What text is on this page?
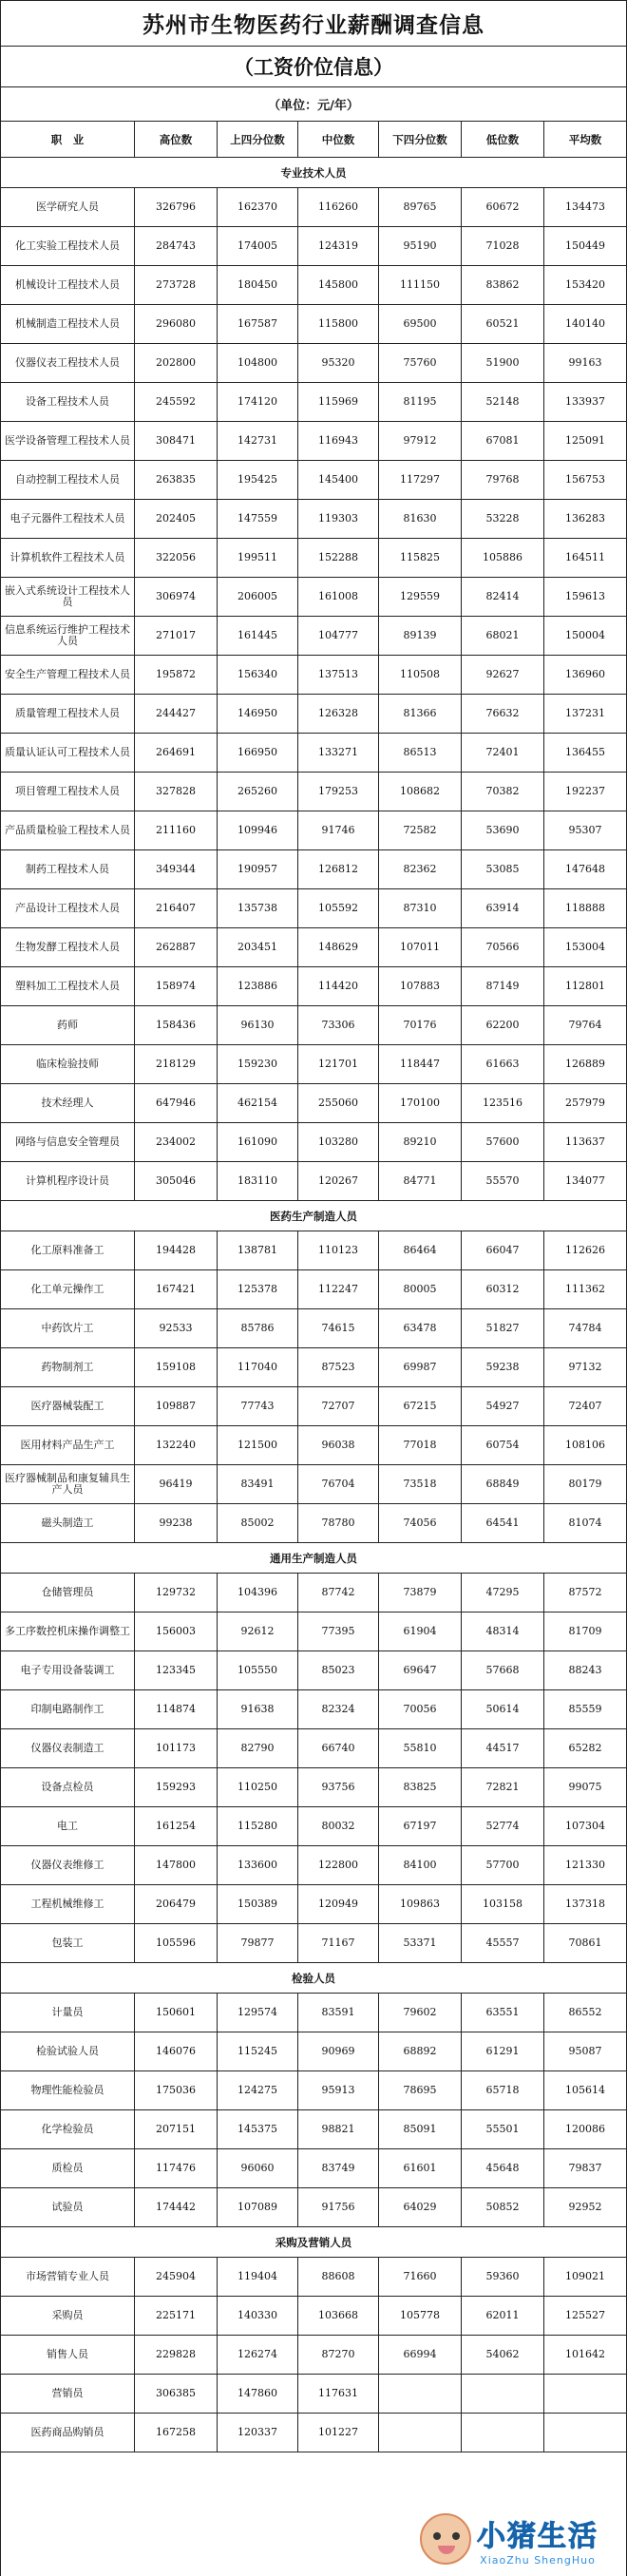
苏州市生物医药行业薪酬调查信息
（工资价位信息）
（单位：元/年）
职　业	高位数	上四分位数	中位数	下四分位数	低位数	平均数
专业技术人员
医学研究人员	326796	162370	116260	89765	60672	134473
化工实验工程技术人员	284743	174005	124319	95190	71028	150449
机械设计工程技术人员	273728	180450	145800	111150	83862	153420
机械制造工程技术人员	296080	167587	115800	69500	60521	140140
仪器仪表工程技术人员	202800	104800	95320	75760	51900	99163
设备工程技术人员	245592	174120	115969	81195	52148	133937
医学设备管理工程技术人员	308471	142731	116943	97912	67081	125091
自动控制工程技术人员	263835	195425	145400	117297	79768	156753
电子元器件工程技术人员	202405	147559	119303	81630	53228	136283
计算机软件工程技术人员	322056	199511	152288	115825	105886	164511
嵌入式系统设计工程技术人员	306974	206005	161008	129559	82414	159613
信息系统运行维护工程技术人员	271017	161445	104777	89139	68021	150004
安全生产管理工程技术人员	195872	156340	137513	110508	92627	136960
质量管理工程技术人员	244427	146950	126328	81366	76632	137231
质量认证认可工程技术人员	264691	166950	133271	86513	72401	136455
项目管理工程技术人员	327828	265260	179253	108682	70382	192237
产品质量检验工程技术人员	211160	109946	91746	72582	53690	95307
制药工程技术人员	349344	190957	126812	82362	53085	147648
产品设计工程技术人员	216407	135738	105592	87310	63914	118888
生物发酵工程技术人员	262887	203451	148629	107011	70566	153004
塑料加工工程技术人员	158974	123886	114420	107883	87149	112801
药师	158436	96130	73306	70176	62200	79764
临床检验技师	218129	159230	121701	118447	61663	126889
技术经理人	647946	462154	255060	170100	123516	257979
网络与信息安全管理员	234002	161090	103280	89210	57600	113637
计算机程序设计员	305046	183110	120267	84771	55570	134077
医药生产制造人员
化工原料准备工	194428	138781	110123	86464	66047	112626
化工单元操作工	167421	125378	112247	80005	60312	111362
中药饮片工	92533	85786	74615	63478	51827	74784
药物制剂工	159108	117040	87523	69987	59238	97132
医疗器械装配工	109887	77743	72707	67215	54927	72407
医用材料产品生产工	132240	121500	96038	77018	60754	108106
医疗器械制品和康复辅具生产人员	96419	83491	76704	73518	68849	80179
磁头制造工	99238	85002	78780	74056	64541	81074
通用生产制造人员
仓储管理员	129732	104396	87742	73879	47295	87572
多工序数控机床操作调整工	156003	92612	77395	61904	48314	81709
电子专用设备装调工	123345	105550	85023	69647	57668	88243
印制电路制作工	114874	91638	82324	70056	50614	85559
仪器仪表制造工	101173	82790	66740	55810	44517	65282
设备点检员	159293	110250	93756	83825	72821	99075
电工	161254	115280	80032	67197	52774	107304
仪器仪表维修工	147800	133600	122800	84100	57700	121330
工程机械维修工	206479	150389	120949	109863	103158	137318
包装工	105596	79877	71167	53371	45557	70861
检验人员
计量员	150601	129574	83591	79602	63551	86552
检验试验人员	146076	115245	90969	68892	61291	95087
物理性能检验员	175036	124275	95913	78695	65718	105614
化学检验员	207151	145375	98821	85091	55501	120086
质检员	117476	96060	83749	61601	45648	79837
试验员	174442	107089	91756	64029	50852	92952
采购及营销人员
市场营销专业人员	245904	119404	88608	71660	59360	109021
采购员	225171	140330	103668	105778	62011	125527
销售人员	229828	126274	87270	66994	54062	101642
营销员	306385	147860	117631
医药商品购销员	167258	120337	101227
小猪生活
XiaoZhu ShengHuo
